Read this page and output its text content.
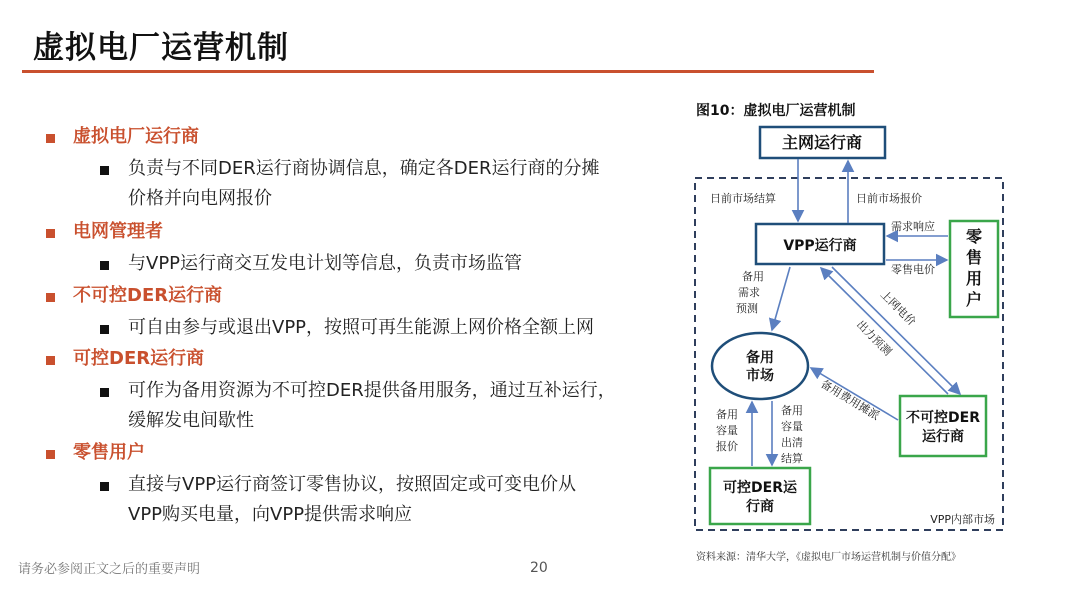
虚拟电厂运营机制
虚拟电厂运行商
负责与不同DER运行商协调信息，确定各DER运行商的分摊
价格并向电网报价
电网管理者
与VPP运行商交互发电计划等信息，负责市场监管
不可控DER运行商
可自由参与或退出VPP，按照可再生能源上网价格全额上网
可控DER运行商
可作为备用资源为不可控DER提供备用服务，通过互补运行，
缓解发电间歇性
零售用户
直接与VPP运行商签订零售协议，按照固定或可变电价从
VPP购买电量，向VPP提供需求响应
请务必参阅正文之后的重要声明	20
图10：虚拟电厂运营机制
VPP内部市场
主网运行商
VPP运行商	零
售
用
户
备用
市场
不可控DER
运行商
可控DER运
行商
日前市场结算	日前市场报价
需求响应
零售电价
备用
需求
预测	上网电价
出力预测
备用费用摊派
备用
容量
报价
备用
容量
出清
结算
资料来源：清华大学，《虚拟电厂市场运营机制与价值分配》
